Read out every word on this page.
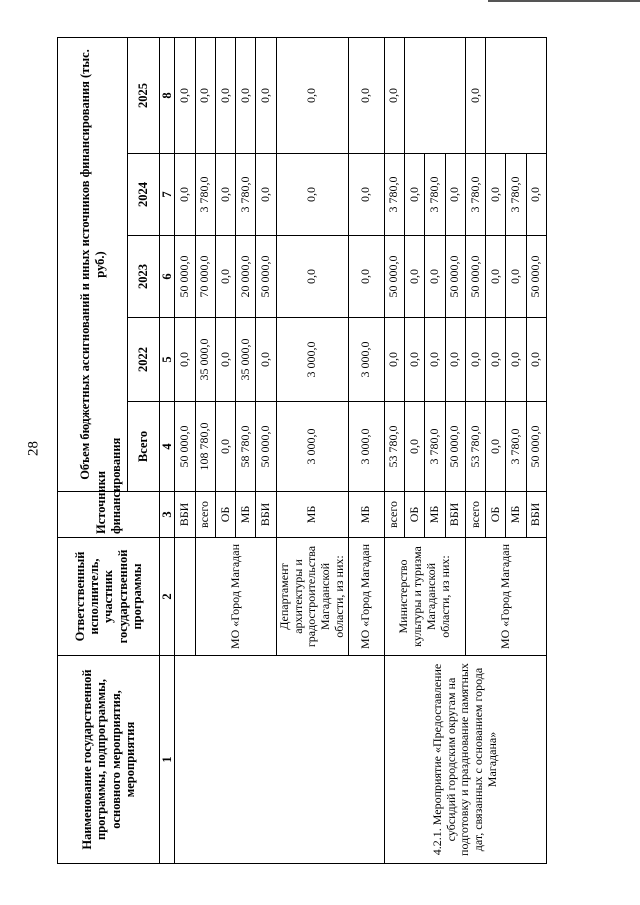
28
Наименование государственной программы, подпрограммы, основного мероприятия, мероприятия	Ответственный исполнитель, участник государственной программы	Источники финансирования	Объем бюджетных ассигнований и иных источников финансирования (тыс. руб.)				
			Всего	2022	2023	2024	2025
1	2	3	4	5	6	7	8
		ВБИ	50 000,0	0,0	50 000,0	0,0	0,0
	МО «Город Магадан	всего	108 780,0	35 000,0	70 000,0	3 780,0	0,0
		ОБ	0,0	0,0	0,0	0,0	0,0
		МБ	58 780,0	35 000,0	20 000,0	3 780,0	0,0
		ВБИ	50 000,0	0,0	50 000,0	0,0	0,0
	Департамент архитектуры и градостроительства Магаданской области, из них:	МБ	3 000,0	3 000,0	0,0	0,0	0,0
	МО «Город Магадан	МБ	3 000,0	3 000,0	0,0	0,0	0,0
4.2.1. Мероприятие «Предоставление субсидий городским округам на подготовку и празднование памятных дат, связанных с основанием города Магадана»	Министерство культуры и туризма Магаданской области, из них:	всего	53 780,0	0,0	50 000,0	3 780,0	0,0
		ОБ	0,0	0,0	0,0	0,0	
		МБ	3 780,0	0,0	0,0	3 780,0	
		ВБИ	50 000,0	0,0	50 000,0	0,0	
	МО «Город Магадан	всего	53 780,0	0,0	50 000,0	3 780,0	0,0
		ОБ	0,0	0,0	0,0	0,0	
		МБ	3 780,0	0,0	0,0	3 780,0	
		ВБИ	50 000,0	0,0	50 000,0	0,0	
